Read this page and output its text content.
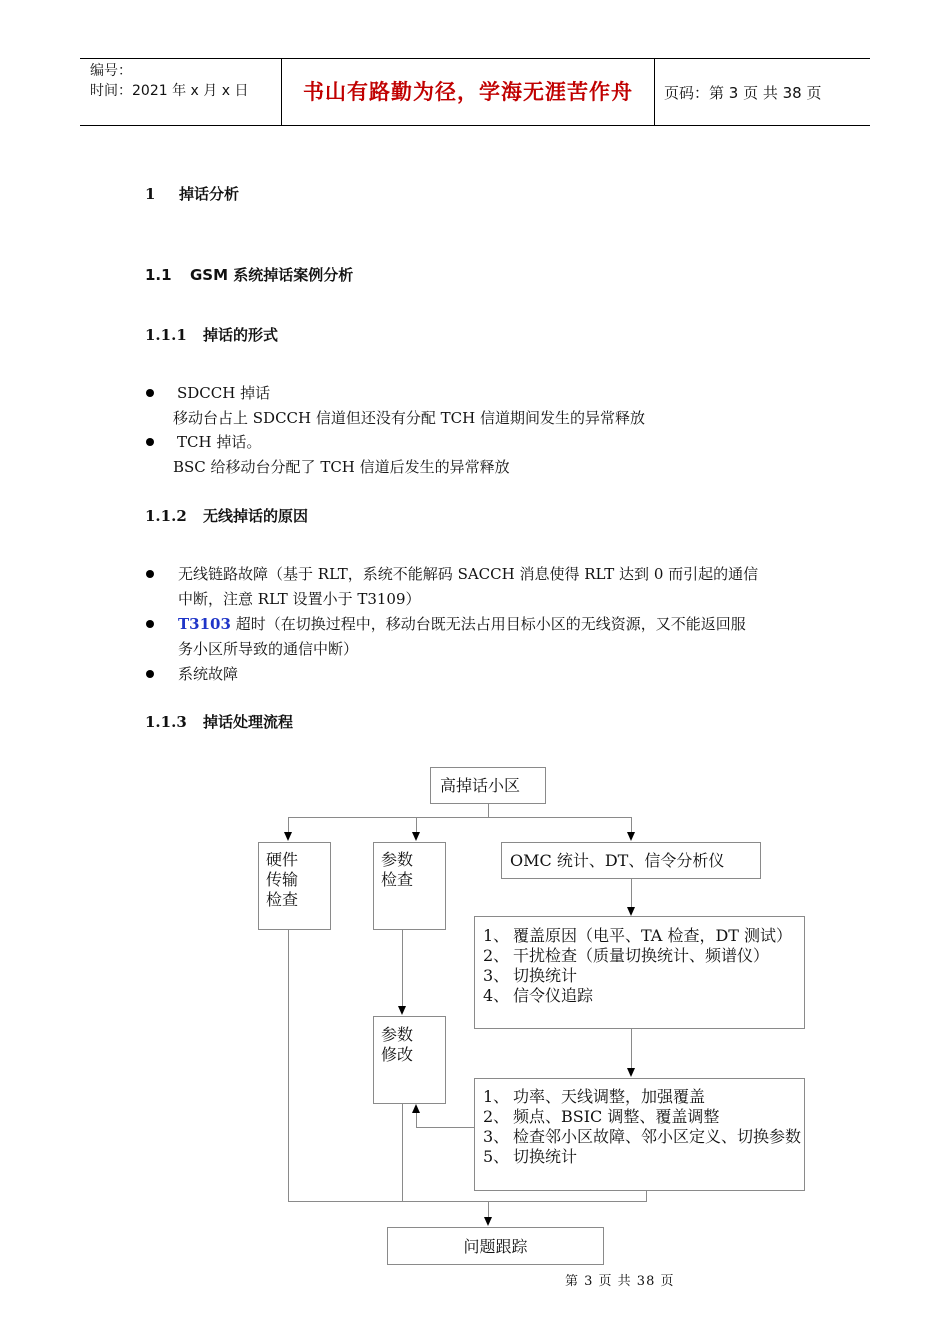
编号：
时间：2021 年 x 月 x 日	书山有路勤为径，学海无涯苦作舟	页码：第 3 页 共 38 页
1 掉话分析
1.1 GSM 系统掉话案例分析
1.1.1 掉话的形式
SDCCH 掉话
移动台占上 SDCCH 信道但还没有分配 TCH 信道期间发生的异常释放
TCH 掉话。
BSC 给移动台分配了 TCH 信道后发生的异常释放
1.1.2 无线掉话的原因
无线链路故障（基于 RLT，系统不能解码 SACCH 消息使得 RLT 达到 0 而引起的通信
中断，注意 RLT 设置小于 T3109）
T3103 超时（在切换过程中，移动台既无法占用目标小区的无线资源，又不能返回服
务小区所导致的通信中断）
系统故障
1.1.3 掉话处理流程
高掉话小区
硬件
传输
检查
参数
检查
OMC 统计、DT、信令分析仪
1、 覆盖原因（电平、TA 检查，DT 测试）
2、 干扰检查（质量切换统计、频谱仪）
3、 切换统计
4、 信令仪追踪
参数
修改
1、 功率、天线调整，加强覆盖
2、 频点、BSIC 调整、覆盖调整
3、 检查邻小区故障、邻小区定义、切换参数
5、 切换统计
问题跟踪
第 3 页 共 38 页
